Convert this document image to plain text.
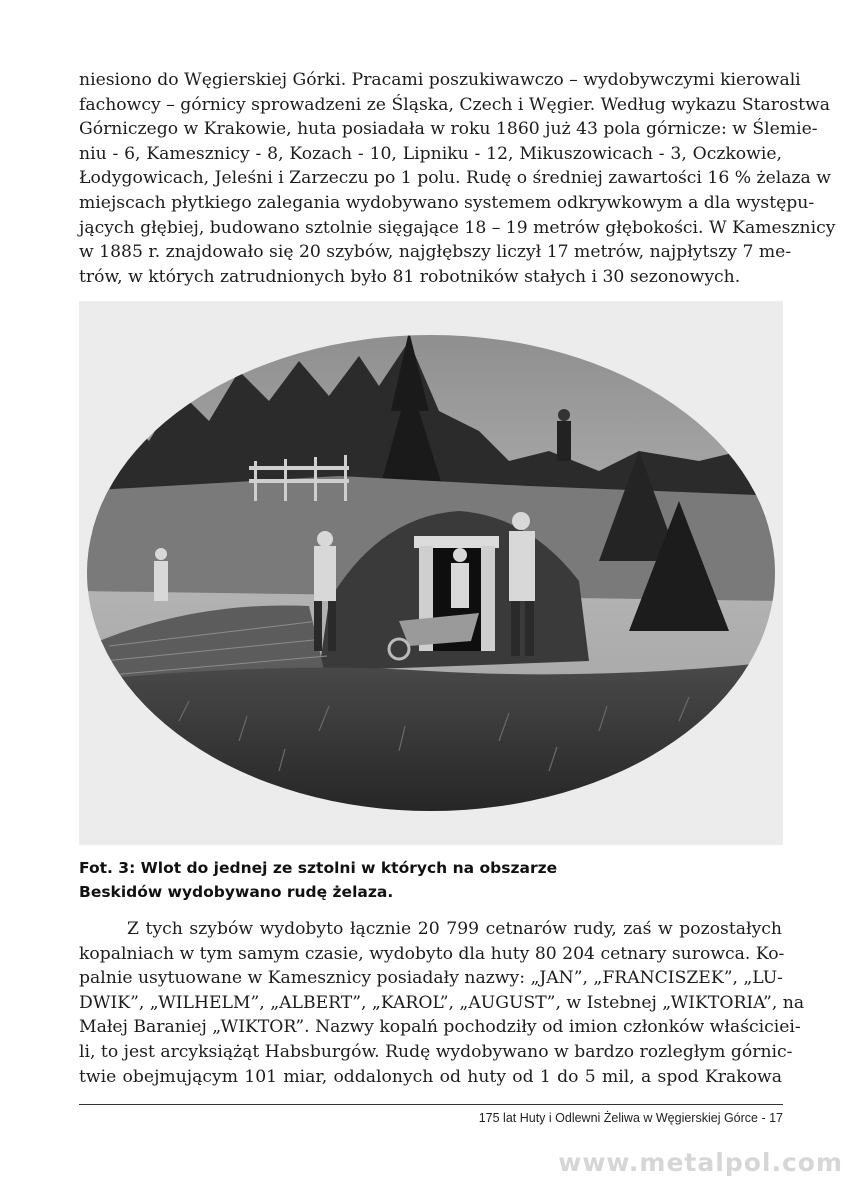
niesiono do Węgierskiej Górki. Pracami poszukiwawczo – wydobywczymi kierowali
fachowcy – górnicy sprowadzeni ze Śląska, Czech i Węgier. Według wykazu Starostwa
Górniczego w Krakowie, huta posiadała w roku 1860 już 43 pola górnicze: w Ślemie-
niu - 6, Kamesznicy - 8, Kozach - 10, Lipniku - 12, Mikuszowicach - 3, Oczkowie,
Łodygowicach, Jeleśni i Zarzeczu po 1 polu. Rudę o średniej zawartości 16 % żelaza w
miejscach płytkiego zalegania wydobywano systemem odkrywkowym a dla występu-
jących głębiej, budowano sztolnie sięgające 18 – 19 metrów głębokości. W Kamesznicy
w 1885 r. znajdowało się 20 szybów, najgłębszy liczył 17 metrów, najpłytszy 7 me-
trów, w których zatrudnionych było 81 robotników stałych i 30 sezonowych.

Fot. 3: Wlot do jednej ze sztolni w których na obszarze
Beskidów wydobywano rudę żelaza.

Z tych szybów wydobyto łącznie 20 799 cetnarów rudy, zaś w pozostałych
kopalniach w tym samym czasie, wydobyto dla huty 80 204 cetnary surowca. Ko-
palnie usytuowane w Kamesznicy posiadały nazwy: „JAN”, „FRANCISZEK”, „LU-
DWIK”, „WILHELM”, „ALBERT”, „KAROL”, „AUGUST”, w Istebnej „WIKTORIA”, na
Małej Baraniej „WIKTOR”. Nazwy kopalń pochodziły od imion członków właściciei-
li, to jest arcyksiążąt Habsburgów. Rudę wydobywano w bardzo rozległym górnic-
twie obejmującym 101 miar, oddalonych od huty od 1 do 5 mil, a spod Krakowa

175 lat Huty i Odlewni Żeliwa w Węgierskiej Górce - 17
www.metalpol.com
